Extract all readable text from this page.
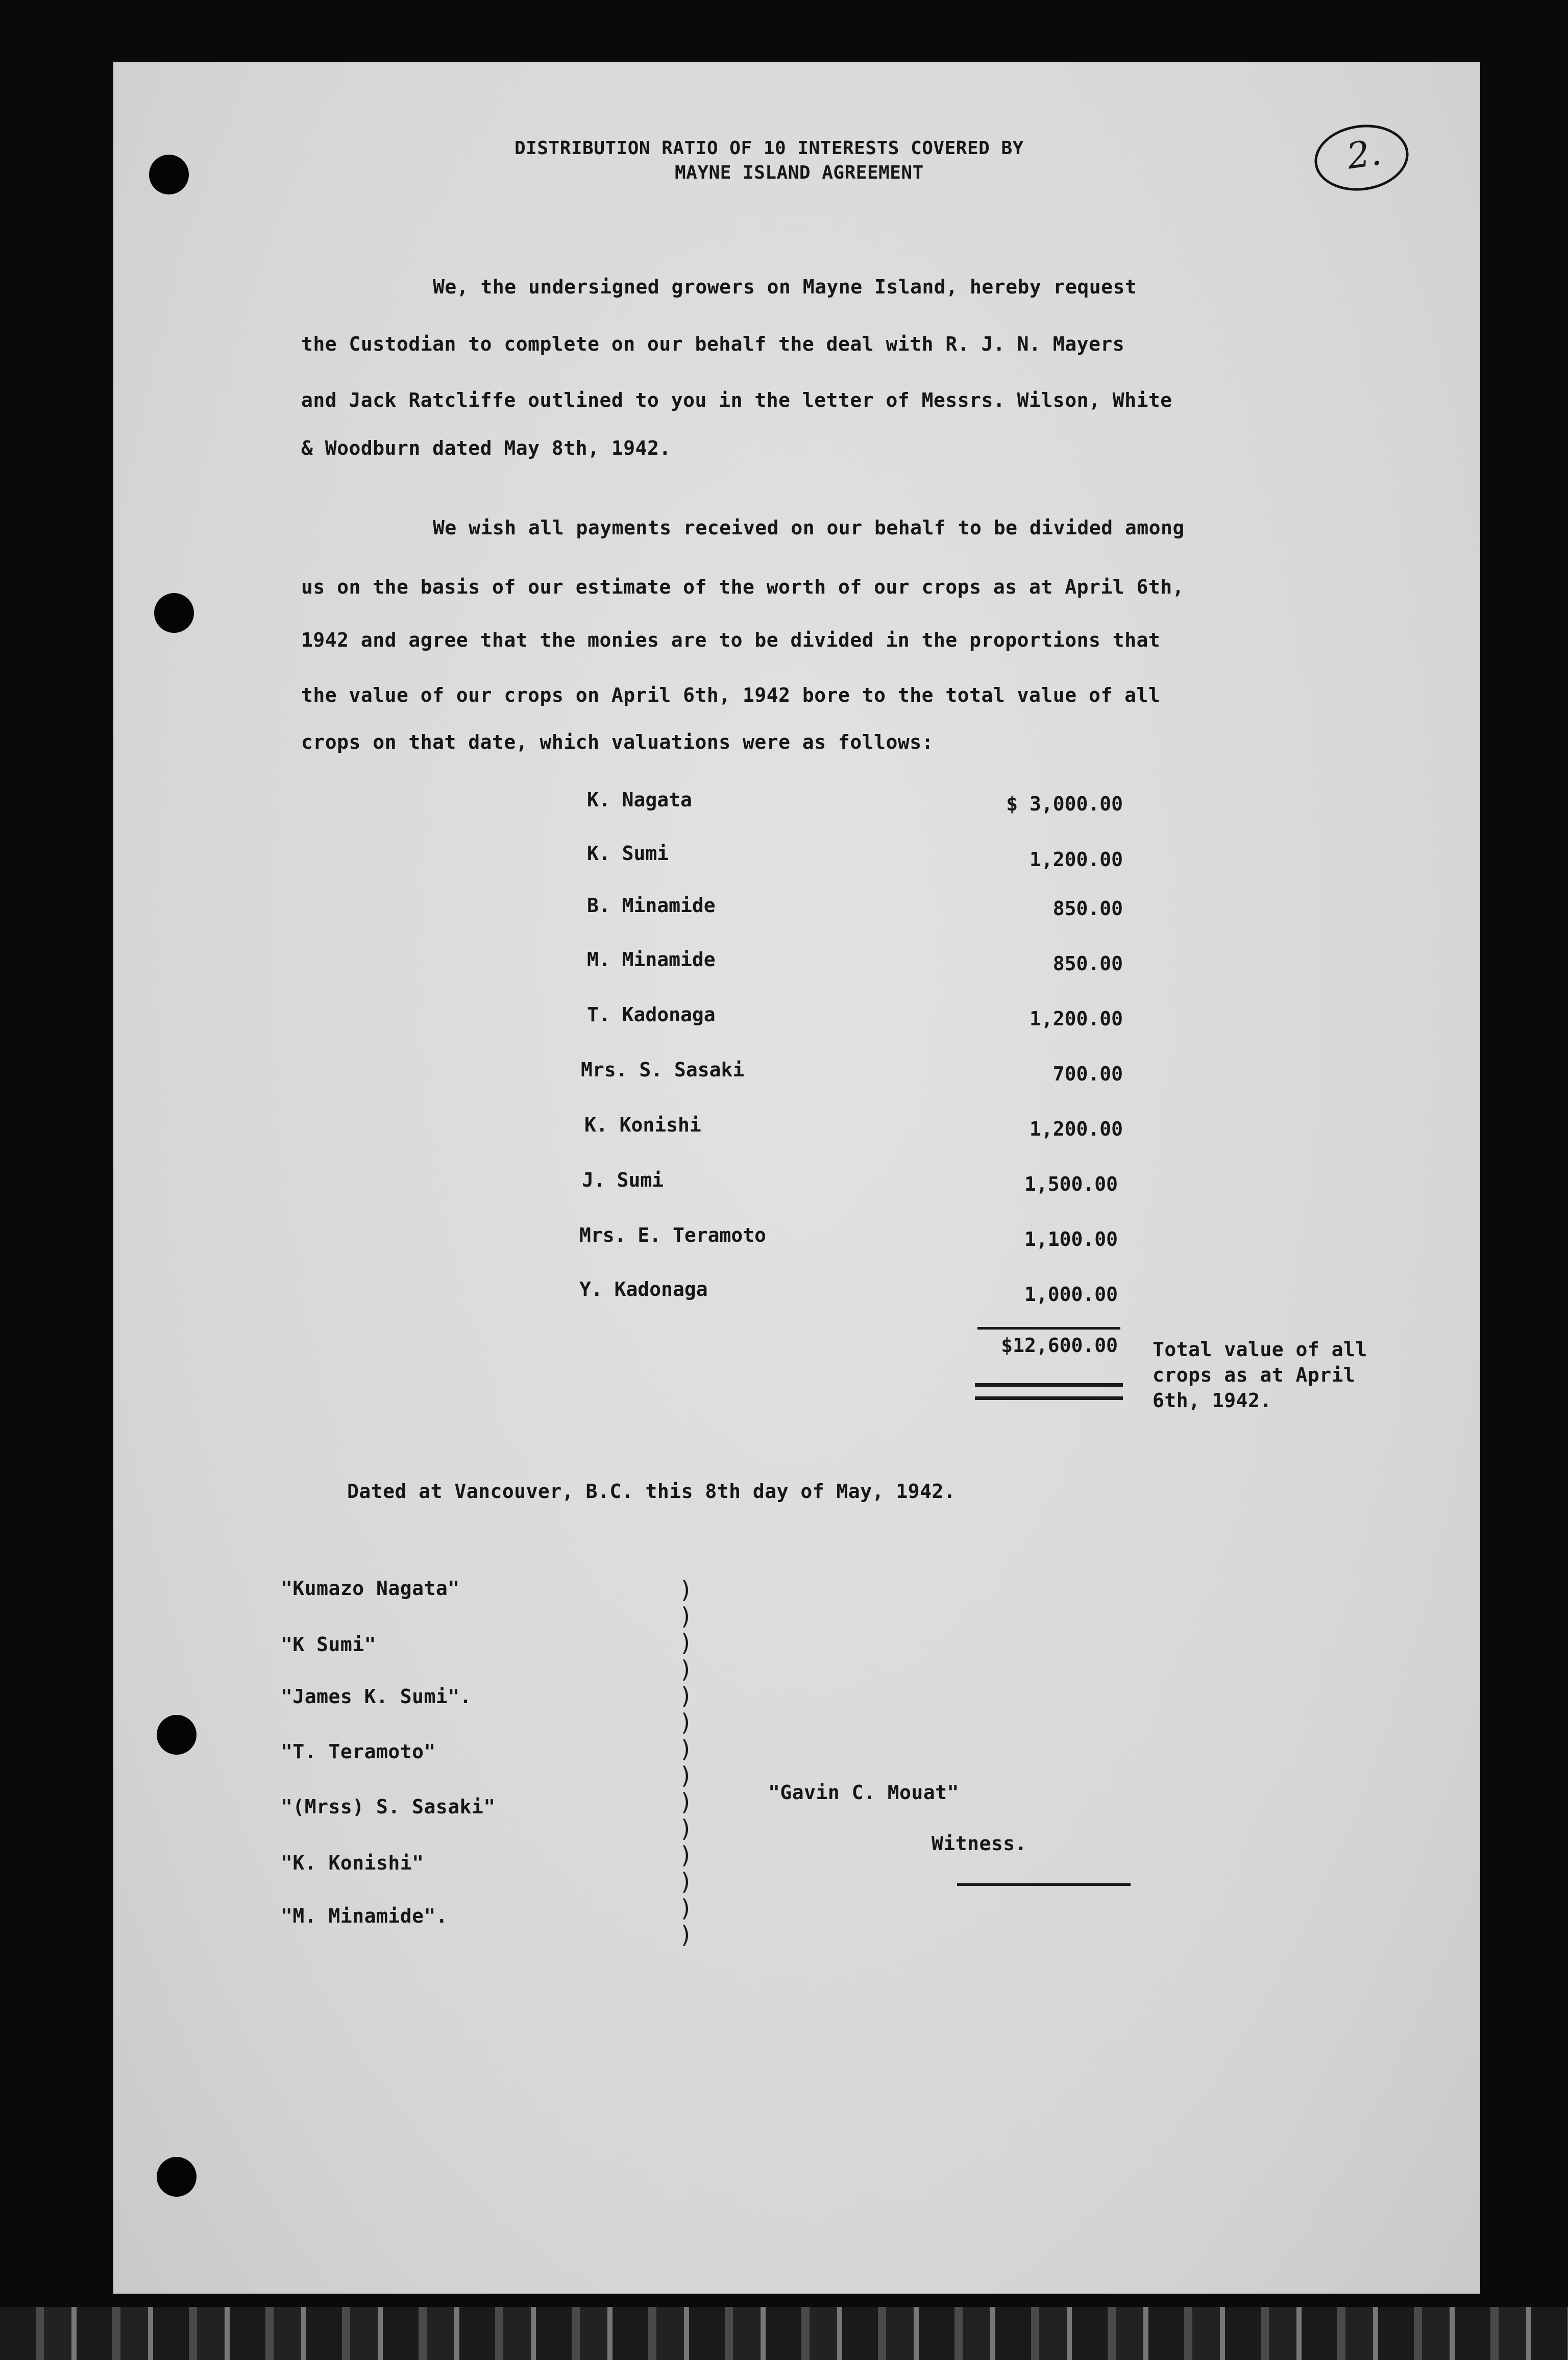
2.
DISTRIBUTION RATIO OF 10 INTERESTS COVERED BY
MAYNE ISLAND AGREEMENT
We, the undersigned growers on Mayne Island, hereby request
the Custodian to complete on our behalf the deal with R. J. N. Mayers
and Jack Ratcliffe outlined to you in the letter of Messrs. Wilson, White
& Woodburn dated May 8th, 1942.
We wish all payments received on our behalf to be divided among
us on the basis of our estimate of the worth of our crops as at April 6th,
1942 and agree that the monies are to be divided in the proportions that
the value of our crops on April 6th, 1942 bore to the total value of all
crops on that date, which valuations were as follows:
K. Nagata	$ 3,000.00
K. Sumi	1,200.00
B. Minamide	850.00
M. Minamide	850.00
T. Kadonaga	1,200.00
Mrs. S. Sasaki	700.00
K. Konishi	1,200.00
J. Sumi	1,500.00
Mrs. E. Teramoto	1,100.00
Y. Kadonaga	1,000.00
$12,600.00 Total value of all
crops as at April
6th, 1942.
Dated at Vancouver, B.C. this 8th day of May, 1942.
"Kumazo Nagata"
"K Sumi"
"James K. Sumi".
"T. Teramoto"
"(Mrss) S. Sasaki"
"K. Konishi"
"M. Minamide".
)
)
)
)
)
)
)
)
)
)
)
)
)
)
"Gavin C. Mouat"
Witness.
